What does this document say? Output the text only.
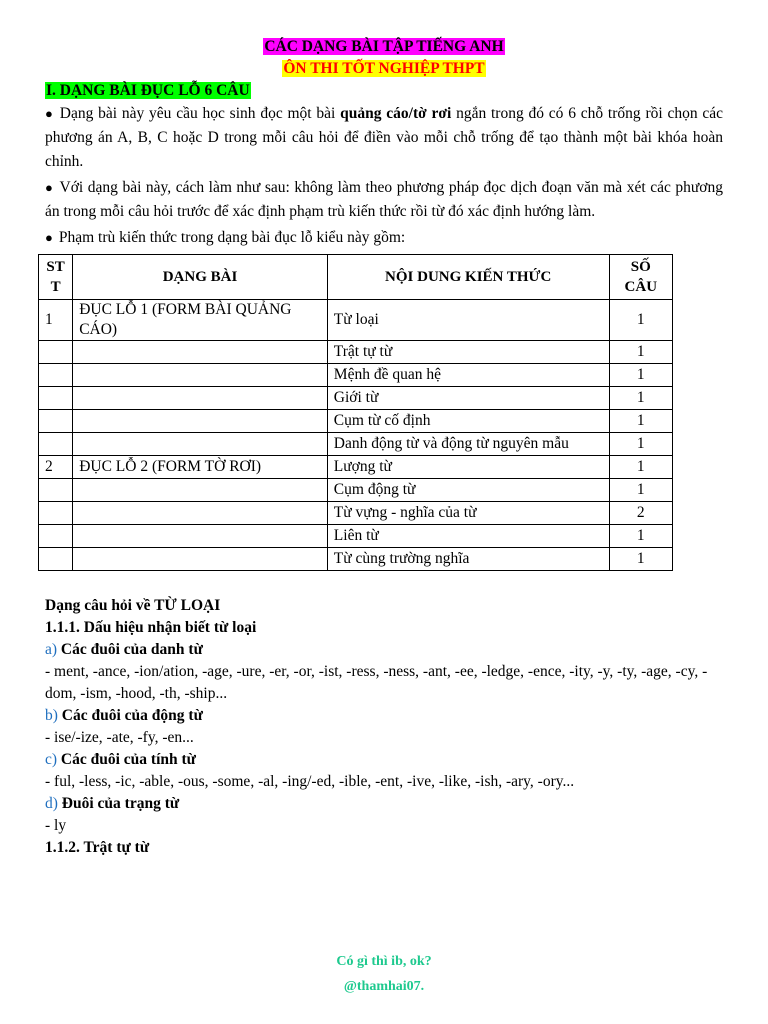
CÁC DẠNG BÀI TẬP TIẾNG ANH

ÔN THI TỐT NGHIỆP THPT

I. DẠNG BÀI ĐỤC LỖ 6 CÂU

● Dạng bài này yêu cầu học sinh đọc một bài quảng cáo/tờ rơi ngắn trong đó có 6 chỗ trống rồi chọn các phương án A, B, C hoặc D trong mỗi câu hỏi để điền vào mỗi chỗ trống để tạo thành một bài khóa hoàn chỉnh.

● Với dạng bài này, cách làm như sau: không làm theo phương pháp đọc dịch đoạn văn mà xét các phương án trong mỗi câu hỏi trước để xác định phạm trù kiến thức rồi từ đó xác định hướng làm.

● Phạm trù kiến thức trong dạng bài đục lỗ kiểu này gồm:

ST T	DẠNG BÀI	NỘI DUNG KIẾN THỨC	SỐ CÂU
1	ĐỤC LỖ 1 (FORM BÀI QUẢNG CÁO)	Từ loại	1
		Trật tự từ	1
		Mệnh đề quan hệ	1
		Giới từ	1
		Cụm từ cố định	1
		Danh động từ và động từ nguyên mẫu	1
2	ĐỤC LỖ 2 (FORM TỜ RƠI)	Lượng từ	1
		Cụm động từ	1
		Từ vựng - nghĩa của từ	2
		Liên từ	1
		Từ cùng trường nghĩa	1

Dạng câu hỏi về TỪ LOẠI

1.1.1. Dấu hiệu nhận biết từ loại

a) Các đuôi của danh từ

- ment, -ance, -ion/ation, -age, -ure, -er, -or, -ist, -ress, -ness, -ant, -ee, -ledge, -ence, -ity, -y, -ty, -age, -cy, -dom, -ism, -hood, -th, -ship...

b) Các đuôi của động từ

- ise/-ize, -ate, -fy, -en...

c) Các đuôi của tính từ

- ful, -less, -ic, -able, -ous, -some, -al, -ing/-ed, -ible, -ent, -ive, -like, -ish, -ary, -ory...

d) Đuôi của trạng từ

- ly

1.1.2. Trật tự từ

Có gì thì ib, ok?
@thamhai07.
